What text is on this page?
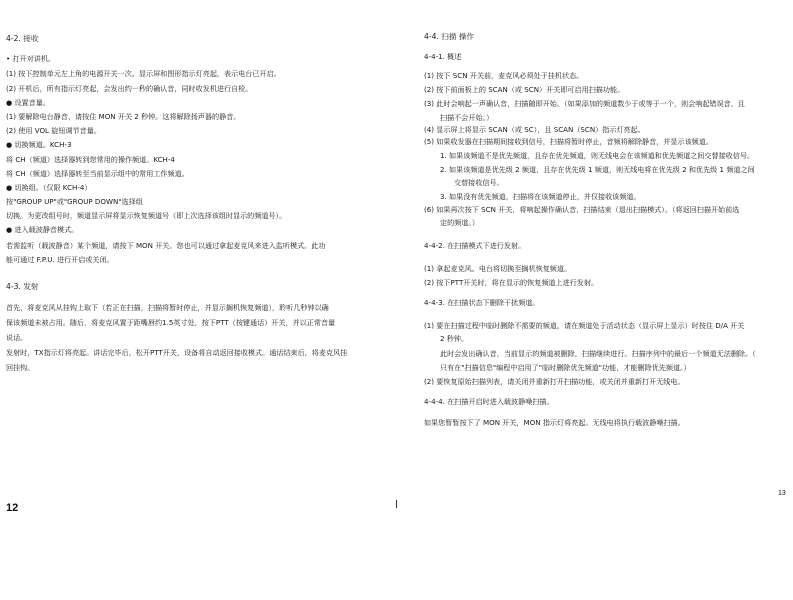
4-2. 接收
• 打开对讲机。
(1) 按下控制单元左上角的电源开关一次。显示屏和图形指示灯亮起，表示电台已开启。
(2) 开机后，所有指示灯亮起，会发出约一秒的确认音，同时收发机进行自检。
● 设置音量。
(1) 要解除电台静音，请按住 MON 开关 2 秒钟。这将解除扬声器的静音。
(2) 使用 VOL 旋钮调节音量。
● 切换频道。KCH-3
将 CH（频道）选择器转到您常用的操作频道。KCH-4
将 CH（频道）选择器转至当前显示组中的常用工作频道。
● 切换组。（仅限 KCH-4）
按"GROUP UP"或"GROUP DOWN"选择组
切换。为更改组号时，频道显示屏将显示恢复频道号（即上次选择该组时显示的频道号）。
● 进入载波静音模式。
若需监听（载波静音）某个频道，请按下 MON 开关。您也可以通过拿起麦克风来进入监听模式。此功
能可通过 F.P.U. 进行开启或关闭。
4-3. 发射
首先，将麦克风从挂钩上取下（若正在扫描，扫描将暂时停止，并显示搁机恢复频道），聆听几秒钟以确
保该频道未被占用。随后，将麦克风置于距嘴唇约1.5英寸处，按下PTT（按键通话）开关，并以正常音量
说话。
发射时，TX指示灯将亮起。讲话完毕后，松开PTT开关，设备将自动返回接收模式。通话结束后，将麦克风挂
回挂钩。
4-4. 扫描 操作
4-4-1. 概述
(1) 按下 SCN 开关前，麦克风必须处于挂机状态。
(2) 按下前面板上的 SCAN（或 SCN）开关即可启用扫描功能。
(3) 此时会响起一声确认音，扫描随即开始。（如果添加的频道数少于或等于一个，则会响起错误音，且
扫描不会开始。）
(4) 显示屏上将显示 SCAN（或 SC），且 SCAN（SCN）指示灯亮起。
(5) 如果收发器在扫描期间接收到信号，扫描将暂时停止，音频将解除静音，并显示该频道。
1. 如果该频道不是优先频道，且存在优先频道，则无线电会在该频道和优先频道之间交替接收信号。
2. 如果该频道是优先级 2 频道，且存在优先级 1 频道，则无线电将在优先级 2 和优先级 1 频道之间
交替接收信号。
3. 如果没有优先频道，扫描将在该频道停止，并仅接收该频道。
(6) 如果再次按下 SCN 开关，将响起操作确认音，扫描结束（退出扫描模式）。（将返回扫描开始前选
定的频道。）
4-4-2. 在扫描模式下进行发射。
(1) 拿起麦克风。电台将切换至搁机恢复频道。
(2) 按下PTT开关时，将在显示的恢复频道上进行发射。
4-4-3. 在扫描状态下删除干扰频道。
(1) 要在扫描过程中临时删除不需要的频道，请在频道处于活动状态（显示屏上显示）时按住 D/A 开关
2 秒钟。
此时会发出确认音，当前显示的频道被删除，扫描继续进行。扫描序列中的最后一个频道无法删除。（
只有在"扫描信息"编程中启用了"临时删除优先频道"功能，才能删除优先频道。）
(2) 要恢复原始扫描列表，请关闭并重新打开扫描功能，或关闭并重新打开无线电。
4-4-4. 在扫描开启时进入载波静噪扫描。
如果您暂暂按下了 MON 开关，MON 指示灯将亮起。无线电将执行载波静噪扫描。
12
13
